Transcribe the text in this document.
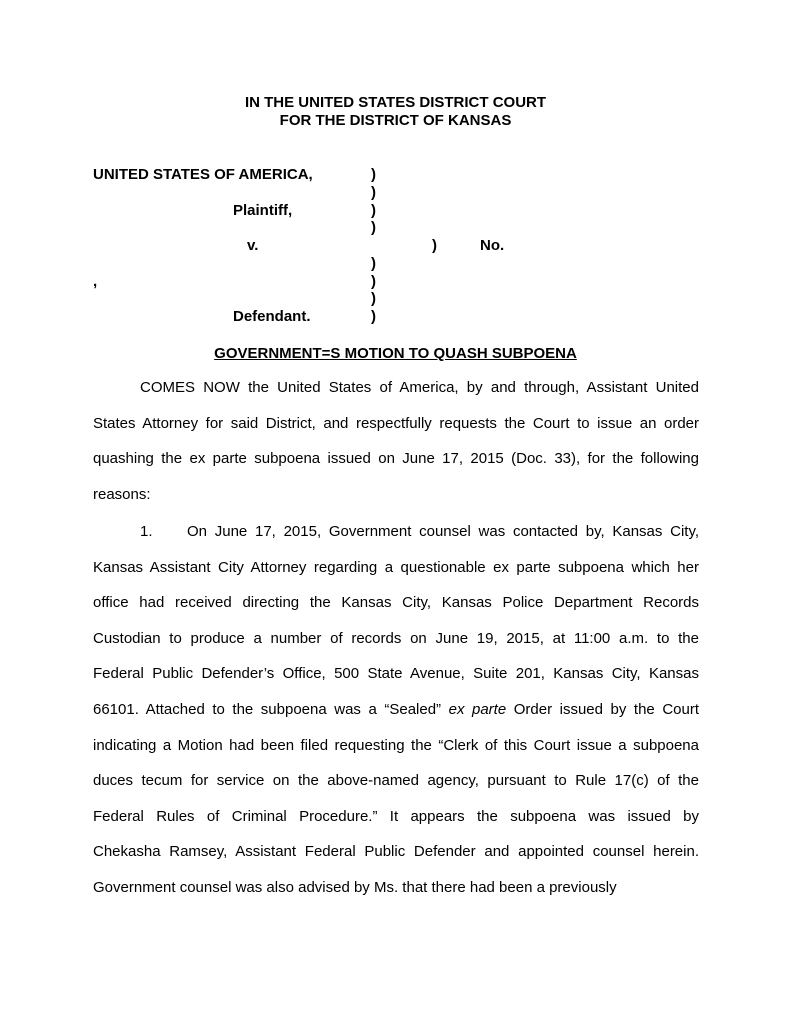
IN THE UNITED STATES DISTRICT COURT
FOR THE DISTRICT OF KANSAS
UNITED STATES OF AMERICA,
Plaintiff,
v.	No.
,
Defendant.
)
)
)
)
)
)
)
)
)
GOVERNMENT=S MOTION TO QUASH SUBPOENA
COMES NOW the United States of America, by and through, Assistant United
States Attorney for said District, and respectfully requests the Court to issue an order
quashing the ex parte subpoena issued on June 17, 2015 (Doc. 33), for the following
reasons:
1. On June 17, 2015, Government counsel was contacted by, Kansas City,
Kansas Assistant City Attorney regarding a questionable ex parte subpoena which her
office had received directing the Kansas City, Kansas Police Department Records
Custodian to produce a number of records on June 19, 2015, at 11:00 a.m. to the
Federal Public Defender’s Office, 500 State Avenue, Suite 201, Kansas City, Kansas
66101. Attached to the subpoena was a “Sealed” ex parte Order issued by the Court
indicating a Motion had been filed requesting the “Clerk of this Court issue a subpoena
duces tecum for service on the above-named agency, pursuant to Rule 17(c) of the
Federal Rules of Criminal Procedure.” It appears the subpoena was issued by
Chekasha Ramsey, Assistant Federal Public Defender and appointed counsel herein.
Government counsel was also advised by Ms. that there had been a previously
